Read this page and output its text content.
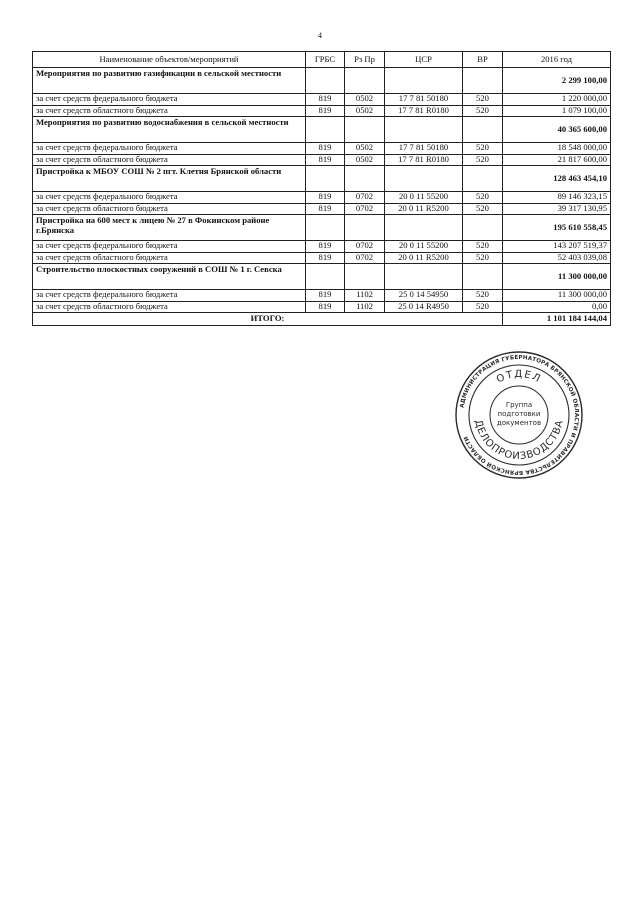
4
Наименование объектов/мероприятий	ГРБС	Рз Пр	ЦСР	ВР	2016 год
Мероприятия по развитию газификации в сельской местности					2 299 100,00
за счет средств федерального бюджета	819	0502	17 7 81 50180	520	1 220 000,00
за счет средств областного бюджета	819	0502	17 7 81 R0180	520	1 079 100,00
Мероприятия по развитию водоснабжения в сельской местности					40 365 600,00
за счет средств федерального бюджета	819	0502	17 7 81 50180	520	18 548 000,00
за счет средств областного бюджета	819	0502	17 7 81 R0180	520	21 817 600,00
Пристройка к МБОУ СОШ № 2 пгт. Клетня Брянской области					128 463 454,10
за счет средств федерального бюджета	819	0702	20 0 11 55200	520	89 146 323,15
за счет средств областного бюджета	819	0702	20 0 11 R5200	520	39 317 130,95
Пристройка на 600 мест к лицею № 27 в Фокинском районе г.Брянска					195 610 558,45
за счет средств федерального бюджета	819	0702	20 0 11 55200	520	143 207 519,37
за счет средств областного бюджета	819	0702	20 0 11 R5200	520	52 403 039,08
Строительство плоскостных сооружений в СОШ № 1 г. Севска					11 300 000,00
за счет средств федерального бюджета	819	1102	25 0 14 54950	520	11 300 000,00
за счет средств областного бюджета	819	1102	25 0 14 R4950	520	0,00
ИТОГО:					1 101 184 144,04
АДМИНИСТРАЦИЯ ГУБЕРНАТОРА БРЯНСКОЙ ОБЛАСТИ И ПРАВИТЕЛЬСТВА БРЯНСКОЙ ОБЛАСТИ
ОТДЕЛ
ДЕЛОПРОИЗВОДСТВА
Группа
подготовки
документов
